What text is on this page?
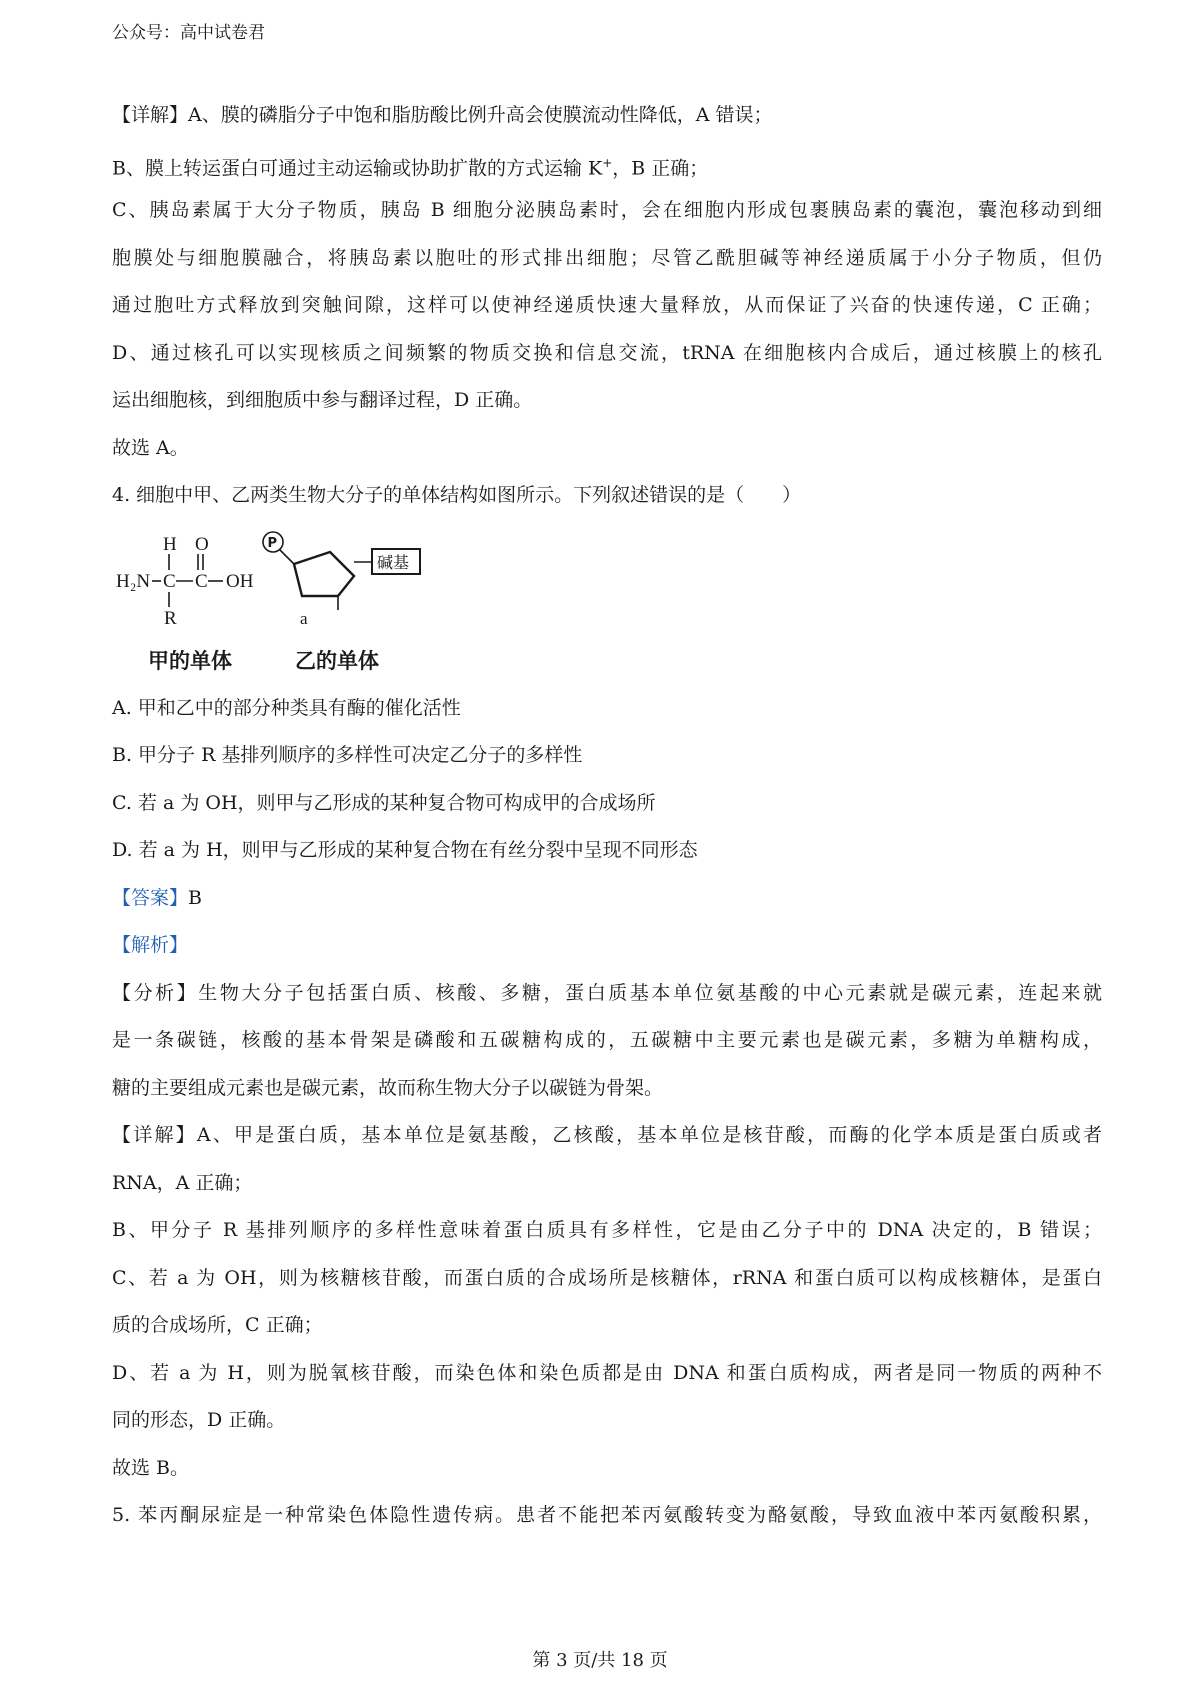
公众号：高中试卷君

【详解】A、膜的磷脂分子中饱和脂肪酸比例升高会使膜流动性降低，A 错误；

B、膜上转运蛋白可通过主动运输或协助扩散的方式运输 K+，B 正确；

C、胰岛素属于大分子物质，胰岛 B 细胞分泌胰岛素时，会在细胞内形成包裹胰岛素的囊泡，囊泡移动到细

胞膜处与细胞膜融合，将胰岛素以胞吐的形式排出细胞；尽管乙酰胆碱等神经递质属于小分子物质，但仍

通过胞吐方式释放到突触间隙，这样可以使神经递质快速大量释放，从而保证了兴奋的快速传递，C 正确；

D、通过核孔可以实现核质之间频繁的物质交换和信息交流，tRNA 在细胞核内合成后，通过核膜上的核孔

运出细胞核，到细胞质中参与翻译过程，D 正确。

故选 A。

4. 细胞中甲、乙两类生物大分子的单体结构如图所示。下列叙述错误的是（　　）

H O
H₂N C C OH
R	a
P
碱基
甲的单体	乙的单体

A. 甲和乙中的部分种类具有酶的催化活性

B. 甲分子 R 基排列顺序的多样性可决定乙分子的多样性

C. 若 a 为 OH，则甲与乙形成的某种复合物可构成甲的合成场所

D. 若 a 为 H，则甲与乙形成的某种复合物在有丝分裂中呈现不同形态

【答案】B

【解析】

【分析】生物大分子包括蛋白质、核酸、多糖，蛋白质基本单位氨基酸的中心元素就是碳元素，连起来就

是一条碳链，核酸的基本骨架是磷酸和五碳糖构成的，五碳糖中主要元素也是碳元素，多糖为单糖构成，

糖的主要组成元素也是碳元素，故而称生物大分子以碳链为骨架。

【详解】A、甲是蛋白质，基本单位是氨基酸，乙核酸，基本单位是核苷酸，而酶的化学本质是蛋白质或者

RNA，A 正确；

B、甲分子 R 基排列顺序的多样性意味着蛋白质具有多样性，它是由乙分子中的 DNA 决定的，B 错误；

C、若 a 为 OH，则为核糖核苷酸，而蛋白质的合成场所是核糖体，rRNA 和蛋白质可以构成核糖体，是蛋白

质的合成场所，C 正确；

D、若 a 为 H，则为脱氧核苷酸，而染色体和染色质都是由 DNA 和蛋白质构成，两者是同一物质的两种不

同的形态，D 正确。

故选 B。

5. 苯丙酮尿症是一种常染色体隐性遗传病。患者不能把苯丙氨酸转变为酪氨酸，导致血液中苯丙氨酸积累，

第 3 页/共 18 页
